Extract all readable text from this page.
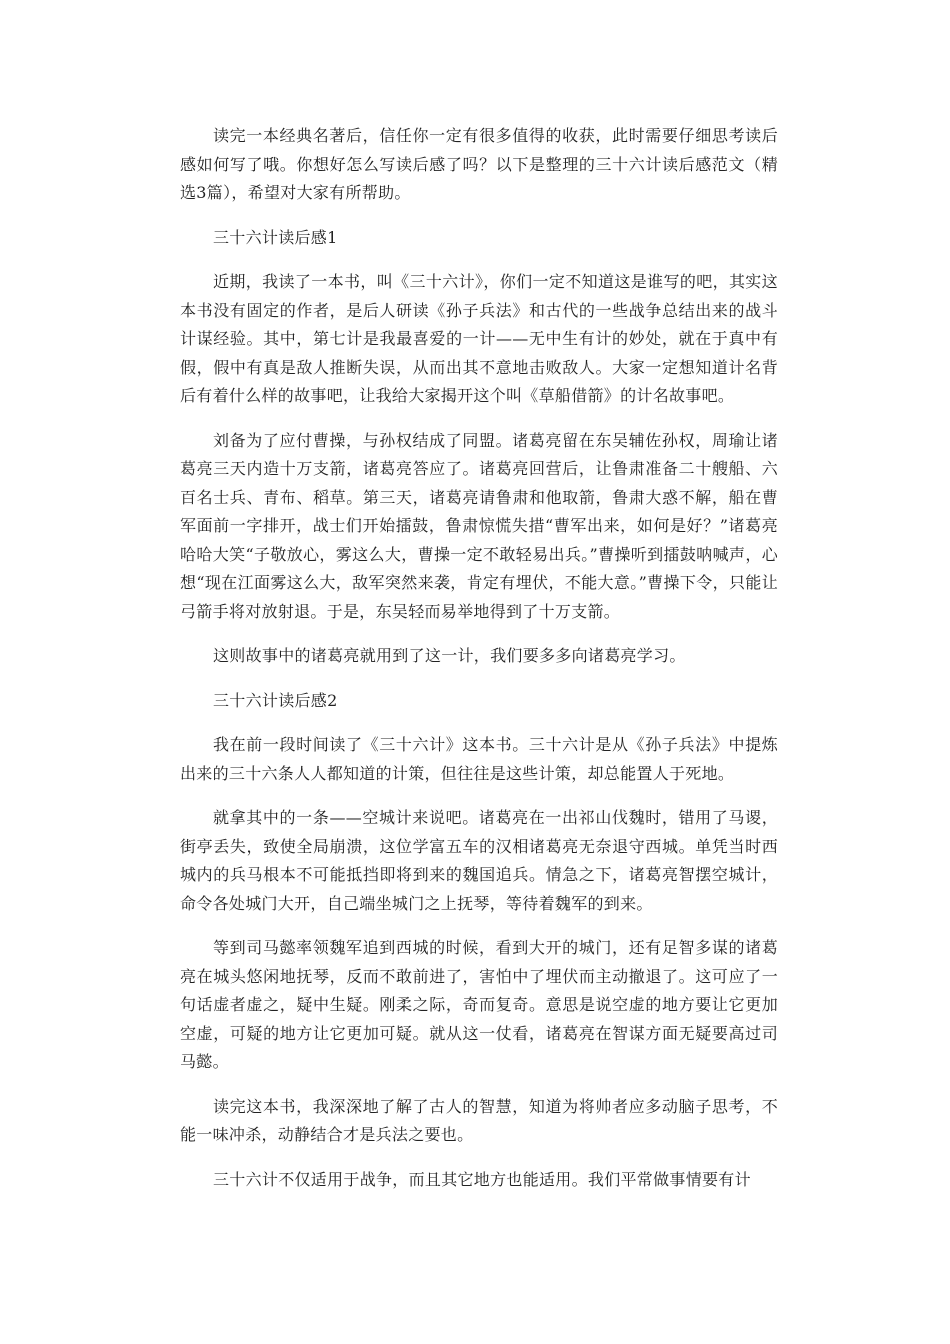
读完一本经典名著后，信任你一定有很多值得的收获，此时需要仔细思考读后感如何写了哦。你想好怎么写读后感了吗？以下是整理的三十六计读后感范文（精选3篇），希望对大家有所帮助。

三十六计读后感1

近期，我读了一本书，叫《三十六计》，你们一定不知道这是谁写的吧，其实这本书没有固定的作者，是后人研读《孙子兵法》和古代的一些战争总结出来的战斗计谋经验。其中，第七计是我最喜爱的一计——无中生有计的妙处，就在于真中有假，假中有真是敌人推断失误，从而出其不意地击败敌人。大家一定想知道计名背后有着什么样的故事吧，让我给大家揭开这个叫《草船借箭》的计名故事吧。

刘备为了应付曹操，与孙权结成了同盟。诸葛亮留在东吴辅佐孙权，周瑜让诸葛亮三天内造十万支箭，诸葛亮答应了。诸葛亮回营后，让鲁肃准备二十艘船、六百名士兵、青布、稻草。第三天，诸葛亮请鲁肃和他取箭，鲁肃大惑不解，船在曹军面前一字排开，战士们开始擂鼓，鲁肃惊慌失措“曹军出来，如何是好？”诸葛亮哈哈大笑“子敬放心，雾这么大，曹操一定不敢轻易出兵。”曹操听到擂鼓呐喊声，心想“现在江面雾这么大，敌军突然来袭，肯定有埋伏，不能大意。”曹操下令，只能让弓箭手将对放射退。于是，东吴轻而易举地得到了十万支箭。

这则故事中的诸葛亮就用到了这一计，我们要多多向诸葛亮学习。

三十六计读后感2

我在前一段时间读了《三十六计》这本书。三十六计是从《孙子兵法》中提炼出来的三十六条人人都知道的计策，但往往是这些计策，却总能置人于死地。

就拿其中的一条——空城计来说吧。诸葛亮在一出祁山伐魏时，错用了马谡，街亭丢失，致使全局崩溃，这位学富五车的汉相诸葛亮无奈退守西城。单凭当时西城内的兵马根本不可能抵挡即将到来的魏国追兵。情急之下，诸葛亮智摆空城计，命令各处城门大开，自己端坐城门之上抚琴，等待着魏军的到来。

等到司马懿率领魏军追到西城的时候，看到大开的城门，还有足智多谋的诸葛亮在城头悠闲地抚琴，反而不敢前进了，害怕中了埋伏而主动撤退了。这可应了一句话虚者虚之，疑中生疑。刚柔之际，奇而复奇。意思是说空虚的地方要让它更加空虚，可疑的地方让它更加可疑。就从这一仗看，诸葛亮在智谋方面无疑要高过司马懿。

读完这本书，我深深地了解了古人的智慧，知道为将帅者应多动脑子思考，不能一味冲杀，动静结合才是兵法之要也。

三十六计不仅适用于战争，而且其它地方也能适用。我们平常做事情要有计
